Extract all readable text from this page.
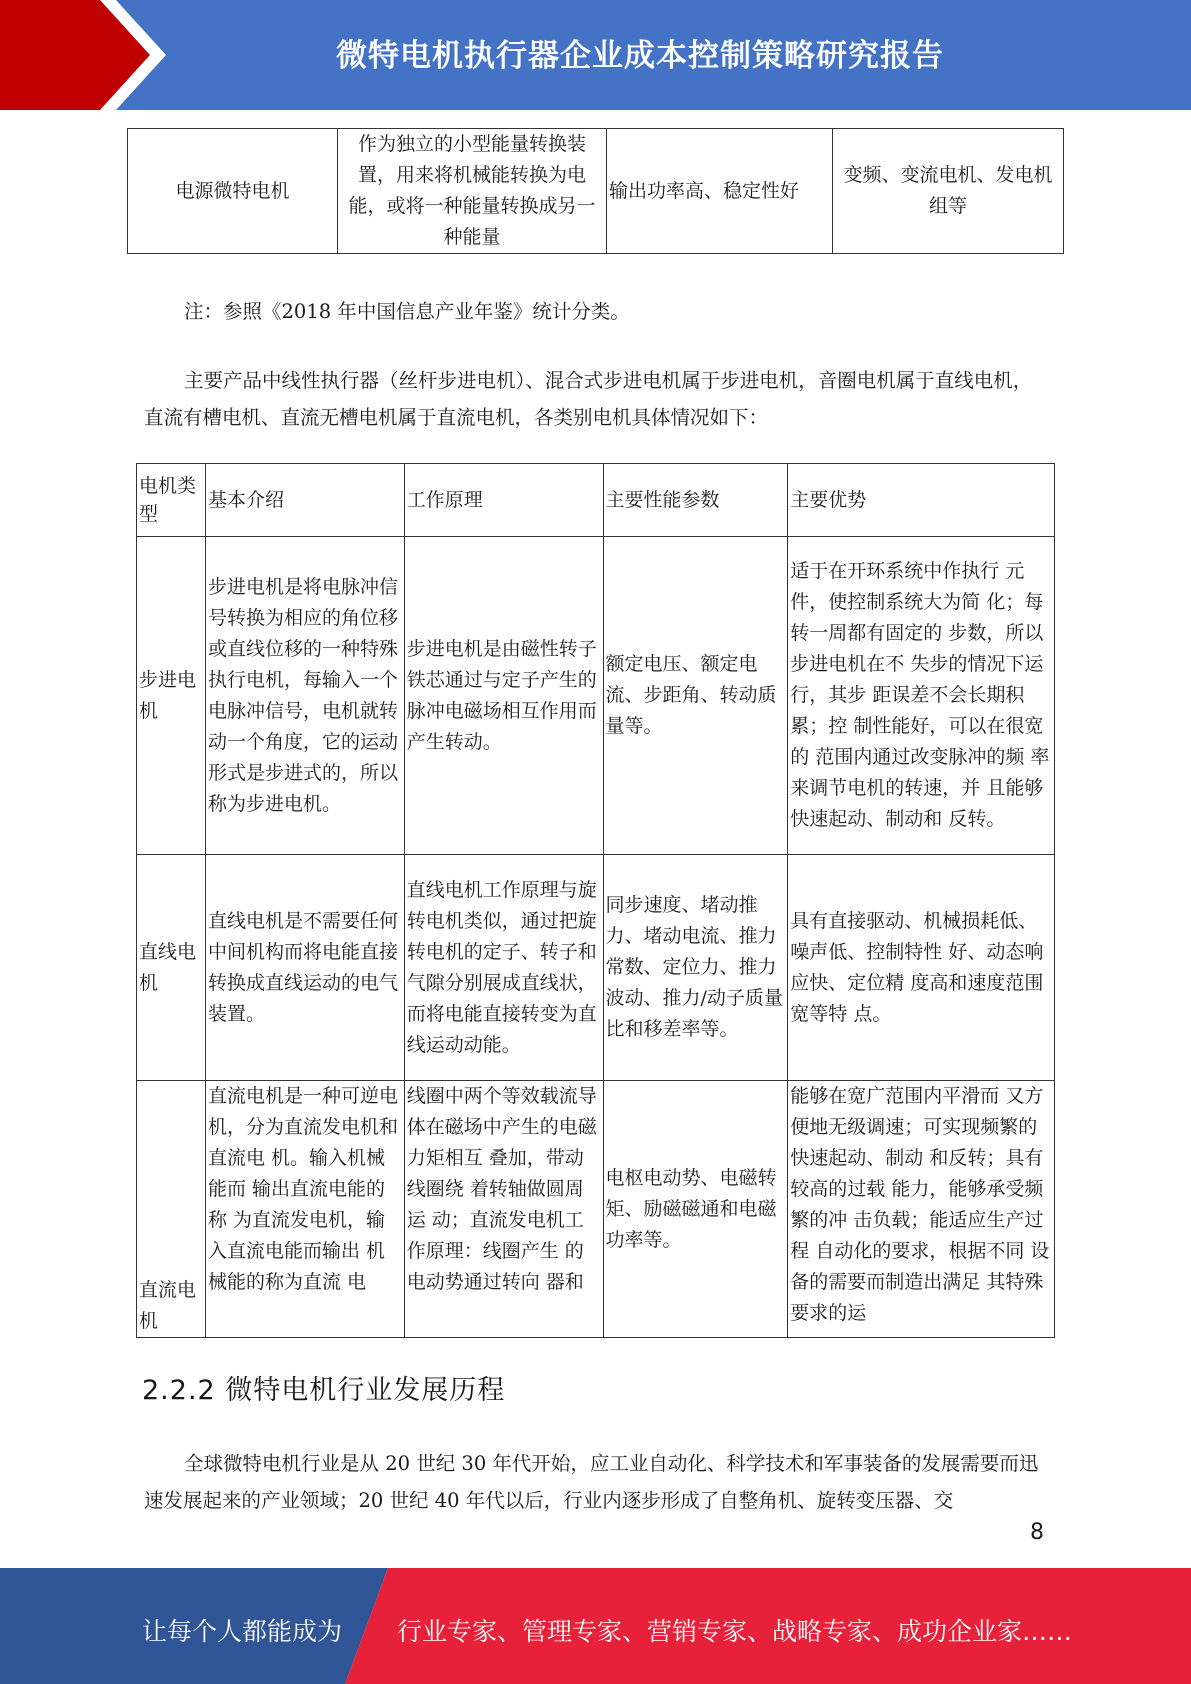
微特电机执行器企业成本控制策略研究报告
电源微特电机	作为独立的小型能量转换装置，用来将机械能转换为电能，或将一种能量转换成另一种能量	输出功率高、稳定性好	变频、变流电机、发电机组等

注：参照《2018 年中国信息产业年鉴》统计分类。

主要产品中线性执行器（丝杆步进电机）、混合式步进电机属于步进电机，音圈电机属于直线电机，直流有槽电机、直流无槽电机属于直流电机，各类别电机具体情况如下：

电机类型	基本介绍	工作原理	主要性能参数	主要优势
步进电机	步进电机是将电脉冲信号转换为相应的角位移或直线位移的一种特殊执行电机，每输入一个电脉冲信号，电机就转动一个角度，它的运动形式是步进式的，所以称为步进电机。	步进电机是由磁性转子铁芯通过与定子产生的脉冲电磁场相互作用而产生转动。	额定电压、额定电流、步距角、转动质量等。	适于在开环系统中作执行 元件，使控制系统大为简 化；每转一周都有固定的 步数，所以步进电机在不 失步的情况下运行，其步 距误差不会长期积累；控 制性能好，可以在很宽的 范围内通过改变脉冲的频 率来调节电机的转速，并 且能够快速起动、制动和 反转。
直线电机	直线电机是不需要任何中间机构而将电能直接转换成直线运动的电气装置。	直线电机工作原理与旋转电机类似，通过把旋转电机的定子、转子和气隙分别展成直线状，而将电能直接转变为直线运动动能。	同步速度、堵动推力、堵动电流、推力常数、定位力、推力波动、推力/动子质量比和移差率等。	具有直接驱动、机械损耗低、噪声低、控制特性 好、动态响应快、定位精 度高和速度范围宽等特 点。
直流电机	直流电机是一种可逆电机，分为直流发电机和直流电 机。输入机械能而 输出直流电能的称 为直流发电机，输 入直流电能而输出 机械能的称为直流 电	线圈中两个等效载流导体在磁场中产生的电磁力矩相互 叠加，带动线圈绕 着转轴做圆周运 动；直流发电机工 作原理：线圈产生 的电动势通过转向 器和	电枢电动势、电磁转矩、励磁磁通和电磁功率等。	能够在宽广范围内平滑而 又方便地无级调速；可实现频繁的快速起动、制动 和反转；具有较高的过载 能力，能够承受频繁的冲 击负载；能适应生产过程 自动化的要求，根据不同 设备的需要而制造出满足 其特殊要求的运
2.2.2 微特电机行业发展历程

全球微特电机行业是从 20 世纪 30 年代开始，应工业自动化、科学技术和军事装备的发展需要而迅速发展起来的产业领域；20 世纪 40 年代以后，行业内逐步形成了自整角机、旋转变压器、交

8
让每个人都能成为 行业专家、管理专家、营销专家、战略专家、成功企业家……
